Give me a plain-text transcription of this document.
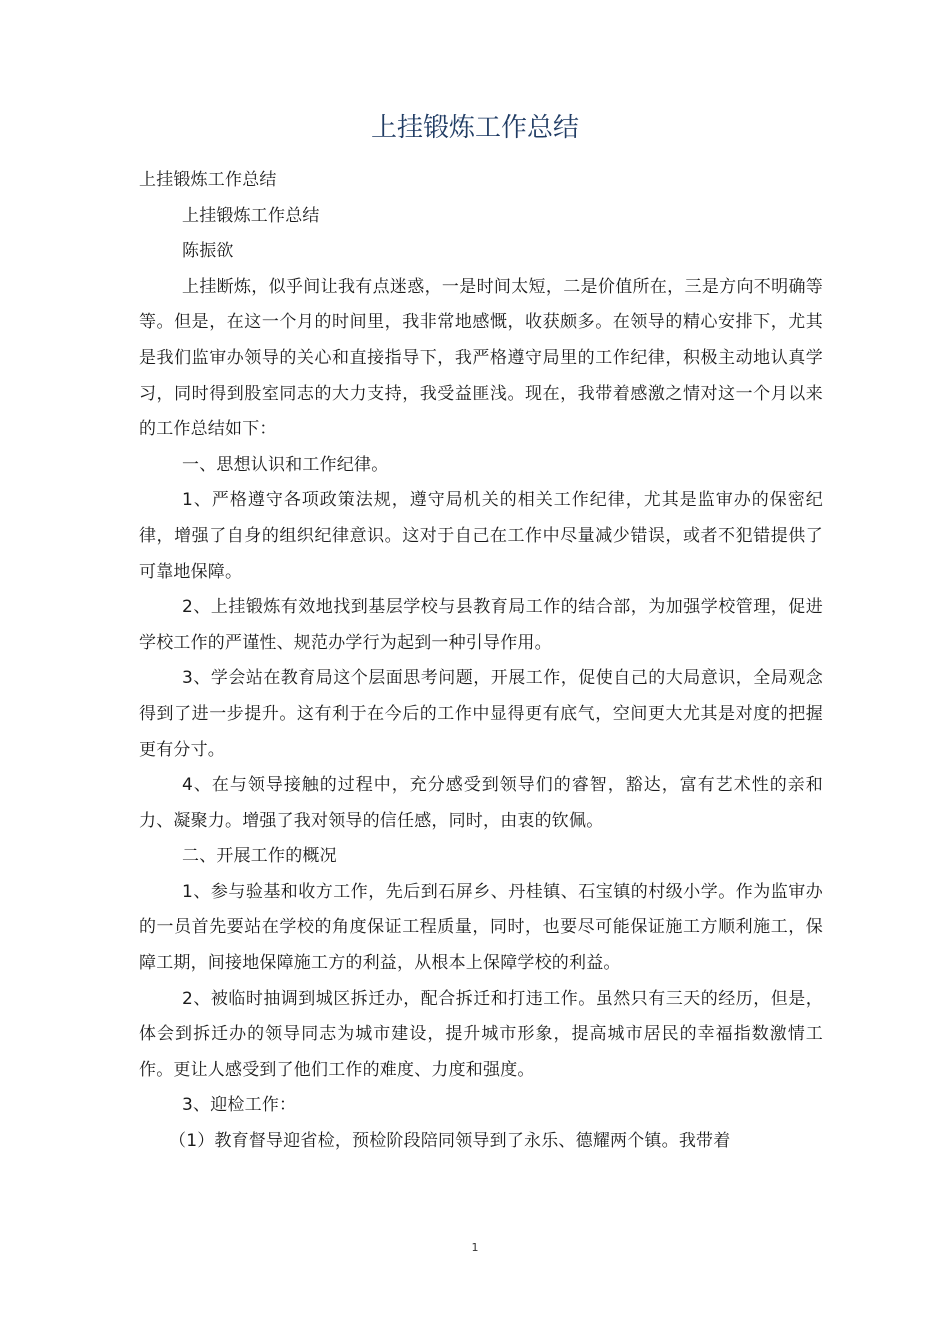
上挂锻炼工作总结

上挂锻炼工作总结

上挂锻炼工作总结

陈振欲

上挂断炼，似乎间让我有点迷惑，一是时间太短，二是价值所在，三是方向不明确等等。但是，在这一个月的时间里，我非常地感慨，收获颇多。在领导的精心安排下，尤其是我们监审办领导的关心和直接指导下，我严格遵守局里的工作纪律，积极主动地认真学习，同时得到股室同志的大力支持，我受益匪浅。现在，我带着感激之情对这一个月以来的工作总结如下：

一、思想认识和工作纪律。

1、严格遵守各项政策法规，遵守局机关的相关工作纪律，尤其是监审办的保密纪律，增强了自身的组织纪律意识。这对于自己在工作中尽量减少错误，或者不犯错提供了可靠地保障。

2、上挂锻炼有效地找到基层学校与县教育局工作的结合部，为加强学校管理，促进学校工作的严谨性、规范办学行为起到一种引导作用。

3、学会站在教育局这个层面思考问题，开展工作，促使自己的大局意识，全局观念得到了进一步提升。这有利于在今后的工作中显得更有底气，空间更大尤其是对度的把握更有分寸。

4、在与领导接触的过程中，充分感受到领导们的睿智，豁达，富有艺术性的亲和力、凝聚力。增强了我对领导的信任感，同时，由衷的钦佩。

二、开展工作的概况

1、参与验基和收方工作，先后到石屏乡、丹桂镇、石宝镇的村级小学。作为监审办的一员首先要站在学校的角度保证工程质量，同时，也要尽可能保证施工方顺利施工，保障工期，间接地保障施工方的利益，从根本上保障学校的利益。

2、被临时抽调到城区拆迁办，配合拆迁和打违工作。虽然只有三天的经历，但是，体会到拆迁办的领导同志为城市建设，提升城市形象，提高城市居民的幸福指数激情工作。更让人感受到了他们工作的难度、力度和强度。

3、迎检工作：

（1）教育督导迎省检，预检阶段陪同领导到了永乐、德耀两个镇。我带着

1
